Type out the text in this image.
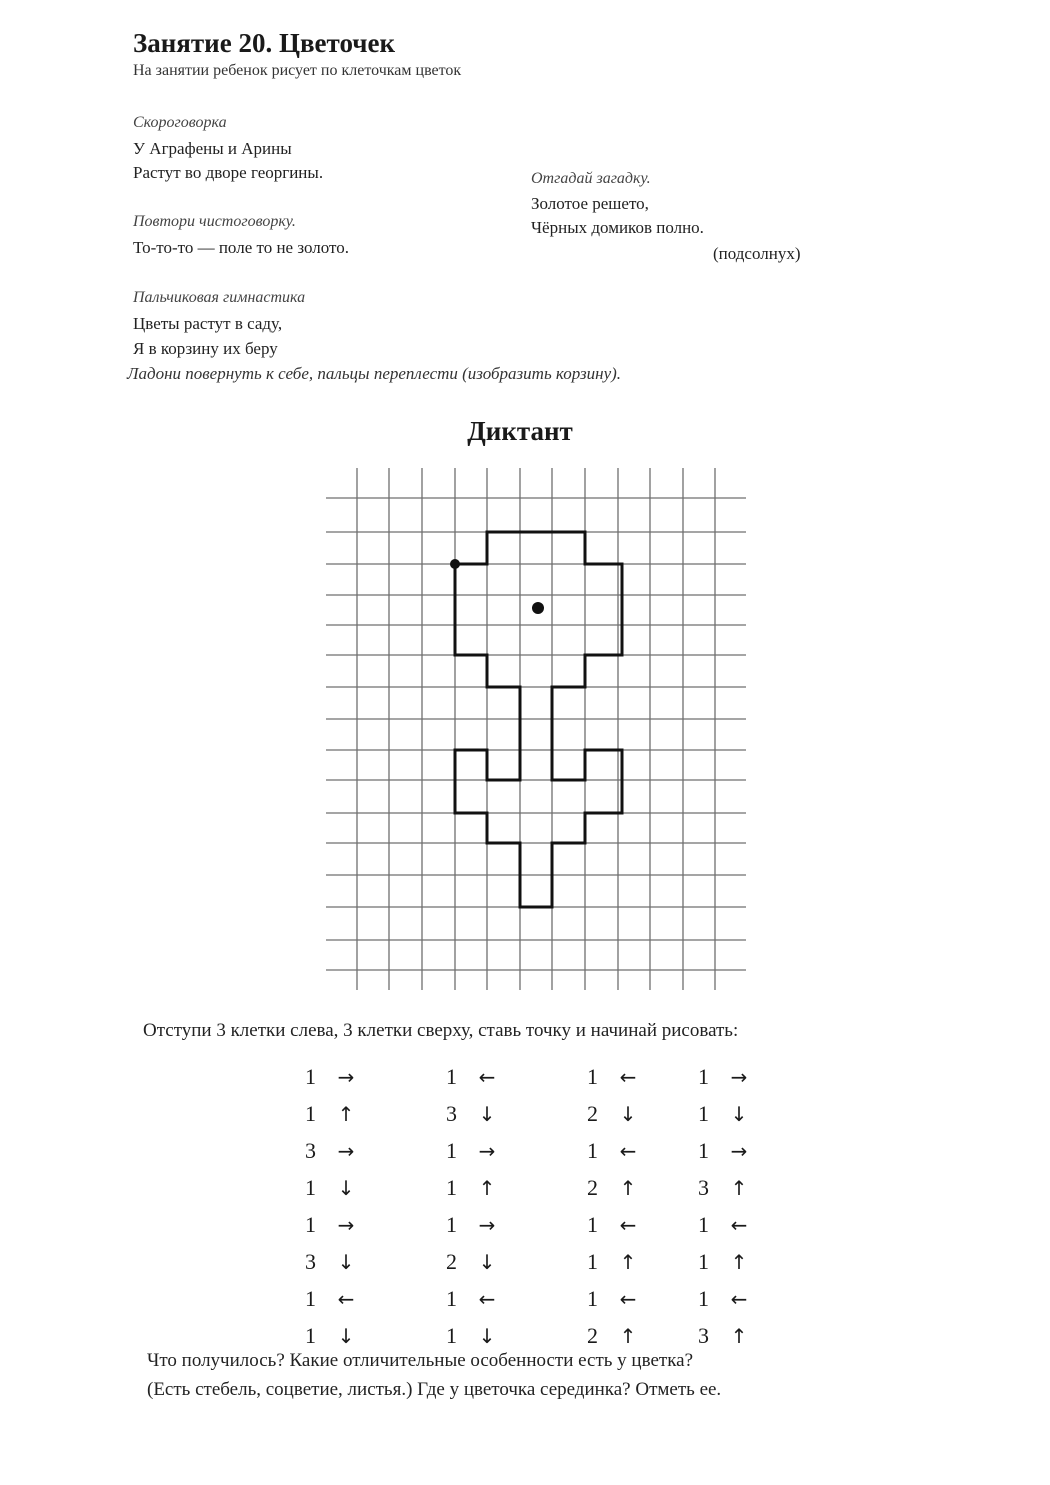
Занятие 20. Цветочек
На занятии ребенок рисует по клеточкам цветок
Скороговорка
У Аграфены и Арины
Растут во дворе георгины.	Отгадай загадку.
Золотое решето,
Чёрных домиков полно.
(подсолнух)
Повтори чистоговорку.
То-то-то — поле то не золото.
Пальчиковая гимнастика
Цветы растут в саду,
Я в корзину их беру
Ладони повернуть к себе, пальцы переплести (изобразить корзину).
Диктант
Отступи 3 клетки слева, 3 клетки сверху, ставь точку и начинай рисовать:
1	→
1	↑
3	→
1	↓
1	→
3	↓
1	←
1	↓
1	←
3	↓
1	→
1	↑
1	→
2	↓
1	←
1	↓
1	←
2	↓
1	←
2	↑
1	←
1	↑
1	←
2	↑
1	→
1	↓
1	→
3	↑
1	←
1	↑
1	←
3	↑
Что получилось? Какие отличительные особенности есть у цветка?
(Есть стебель, соцветие, листья.) Где у цветочка серединка? Отметь ее.
